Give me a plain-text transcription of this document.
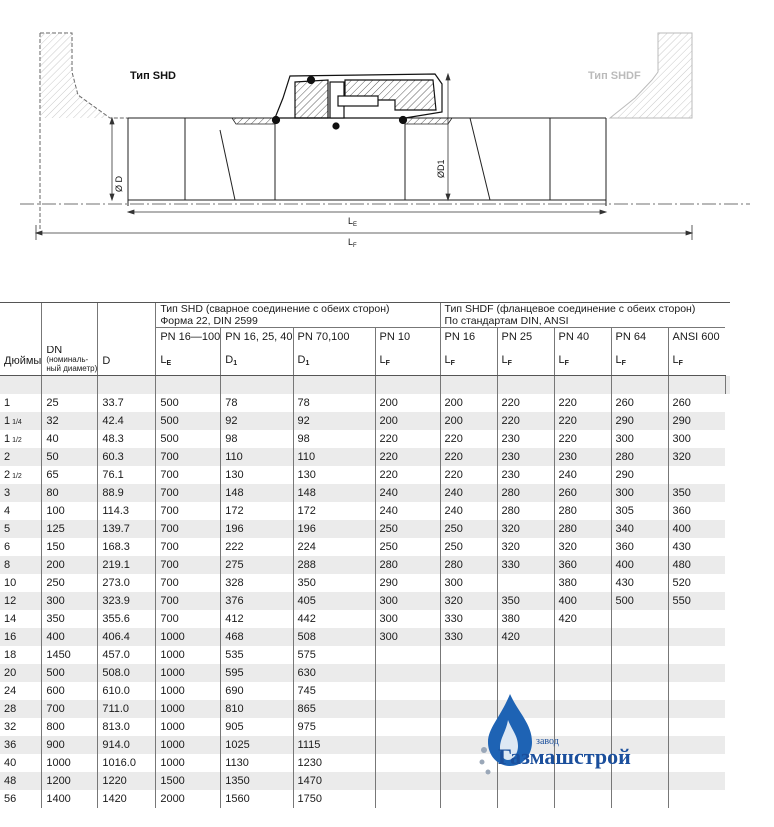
Тип SHD	Тип SHDF
Ø D
ØD1
$L_E$
$L_F$
			Тип SHD (сварное соединение с обеих сторон)
Форма 22, DIN 2599				Тип SHDF (фланцевое соединение с обеих сторон)
По стандартам DIN, ANSI					
			PN 16—100	PN 16, 25, 40	PN 70,100	PN 10	PN 16	PN 25	PN 40	PN 64	ANSI 600	
Дюймы	DN
(номиналь-
ный диаметр)	D	$L_E$	$D_1$	$D_1$	$L_F$	$L_F$	$L_F$	$L_F$	$L_F$	$L_F$

1	25	33.7	500	78	78	200	200	220	220	260	260	
1 1/4	32	42.4	500	92	92	200	200	220	220	290	290	
1 1/2	40	48.3	500	98	98	220	220	230	220	300	300	
2	50	60.3	700	110	110	220	220	230	230	280	320	
2 1/2	65	76.1	700	130	130	220	220	230	240	290		
3	80	88.9	700	148	148	240	240	280	260	300	350	
4	100	114.3	700	172	172	240	240	280	280	305	360	
5	125	139.7	700	196	196	250	250	320	280	340	400	
6	150	168.3	700	222	224	250	250	320	320	360	430	
8	200	219.1	700	275	288	280	280	330	360	400	480	
10	250	273.0	700	328	350	290	300		380	430	520	
12	300	323.9	700	376	405	300	320	350	400	500	550	
14	350	355.6	700	412	442	300	330	380	420			
16	400	406.4	1000	468	508	300	330	420				
18	1450	457.0	1000	535	575							
20	500	508.0	1000	595	630							
24	600	610.0	1000	690	745							
28	700	711.0	1000	810	865							
32	800	813.0	1000	905	975							
36	900	914.0	1000	1025	1115							
40	1000	1016.0	1000	1130	1230							
48	1200	1220	1500	1350	1470							
56	1400	1420	2000	1560	1750							
завод
Газмашстрой
